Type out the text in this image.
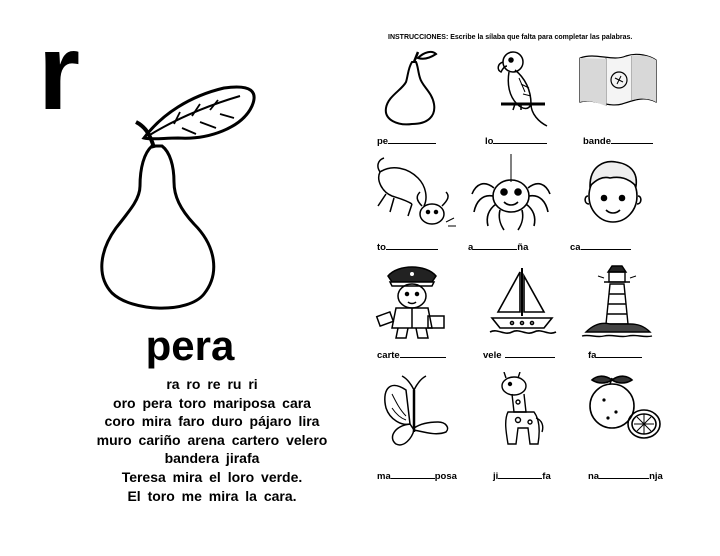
r
pera
ra ro re ru ri
oro pera toro mariposa cara
coro mira faro duro pájaro lira
muro cariño arena cartero velero
bandera jirafa
Teresa mira el loro verde.
El toro me mira la cara.
INSTRUCCIONES: Escribe la sílaba que falta para completar las palabras.
pe	lo	bande
to	a	ña	ca
carte	vele	fa
ma	posa	ji	fa	na	nja
